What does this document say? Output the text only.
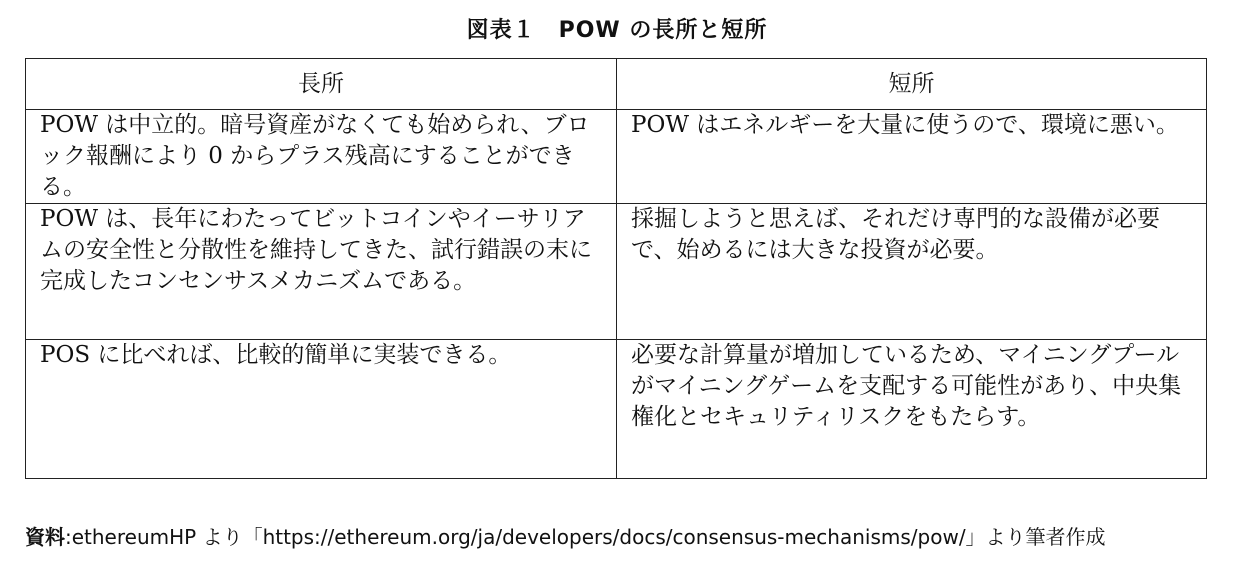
図表１　POW の長所と短所
長所	短所
POW は中立的。暗号資産がなくても始められ、ブロック報酬により 0 からプラス残高にすることができる。	POW はエネルギーを大量に使うので、環境に悪い。
POW は、長年にわたってビットコインやイーサリアムの安全性と分散性を維持してきた、試行錯誤の末に完成したコンセンサスメカニズムである。	採掘しようと思えば、それだけ専門的な設備が必要で、始めるには大きな投資が必要。
POS に比べれば、比較的簡単に実装できる。	必要な計算量が増加しているため、マイニングプールがマイニングゲームを支配する可能性があり、中央集権化とセキュリティリスクをもたらす。
資料:ethereumHP より「https://ethereum.org/ja/developers/docs/consensus-mechanisms/pow/」より筆者作成
